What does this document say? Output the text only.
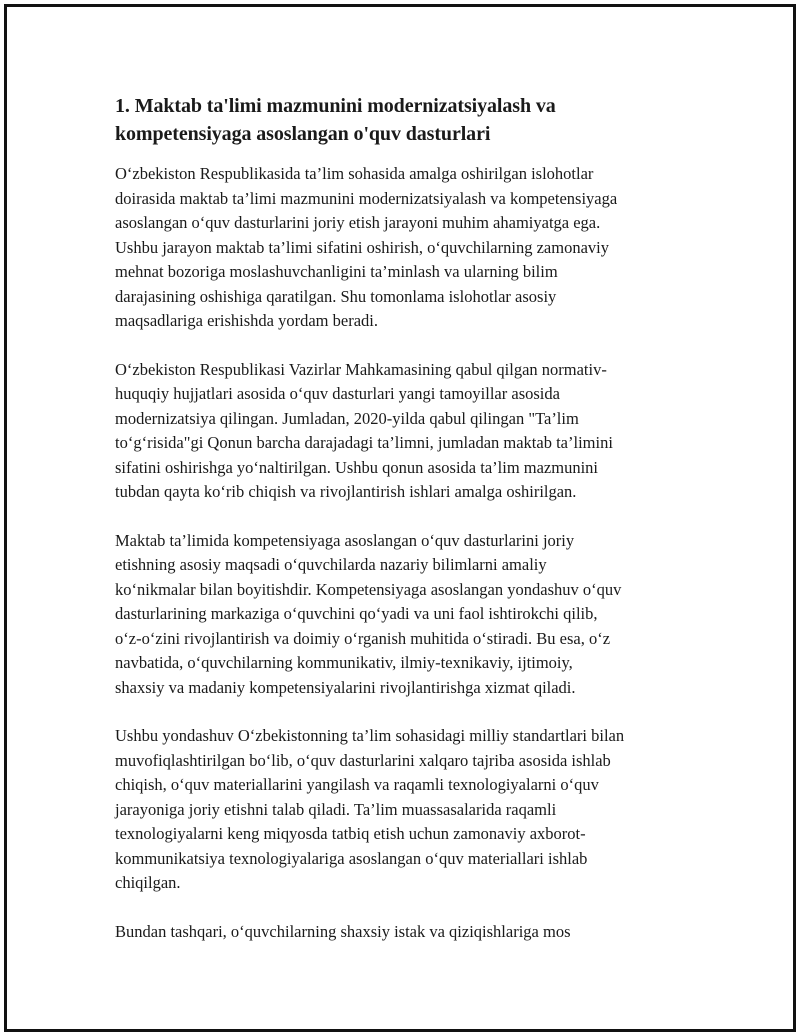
1. Maktab ta'limi mazmunini modernizatsiyalash va
kompetensiyaga asoslangan o'quv dasturlari

O‘zbekiston Respublikasida ta’lim sohasida amalga oshirilgan islohotlar
doirasida maktab ta’limi mazmunini modernizatsiyalash va kompetensiyaga
asoslangan o‘quv dasturlarini joriy etish jarayoni muhim ahamiyatga ega.
Ushbu jarayon maktab ta’limi sifatini oshirish, o‘quvchilarning zamonaviy
mehnat bozoriga moslashuvchanligini ta’minlash va ularning bilim
darajasining oshishiga qaratilgan. Shu tomonlama islohotlar asosiy
maqsadlariga erishishda yordam beradi.

O‘zbekiston Respublikasi Vazirlar Mahkamasining qabul qilgan normativ-
huquqiy hujjatlari asosida o‘quv dasturlari yangi tamoyillar asosida
modernizatsiya qilingan. Jumladan, 2020-yilda qabul qilingan "Ta’lim
to‘g‘risida"gi Qonun barcha darajadagi ta’limni, jumladan maktab ta’limini
sifatini oshirishga yo‘naltirilgan. Ushbu qonun asosida ta’lim mazmunini
tubdan qayta ko‘rib chiqish va rivojlantirish ishlari amalga oshirilgan.

Maktab ta’limida kompetensiyaga asoslangan o‘quv dasturlarini joriy
etishning asosiy maqsadi o‘quvchilarda nazariy bilimlarni amaliy
ko‘nikmalar bilan boyitishdir. Kompetensiyaga asoslangan yondashuv o‘quv
dasturlarining markaziga o‘quvchini qo‘yadi va uni faol ishtirokchi qilib,
o‘z-o‘zini rivojlantirish va doimiy o‘rganish muhitida o‘stiradi. Bu esa, o‘z
navbatida, o‘quvchilarning kommunikativ, ilmiy-texnikaviy, ijtimoiy,
shaxsiy va madaniy kompetensiyalarini rivojlantirishga xizmat qiladi.

Ushbu yondashuv O‘zbekistonning ta’lim sohasidagi milliy standartlari bilan
muvofiqlashtirilgan bo‘lib, o‘quv dasturlarini xalqaro tajriba asosida ishlab
chiqish, o‘quv materiallarini yangilash va raqamli texnologiyalarni o‘quv
jarayoniga joriy etishni talab qiladi. Ta’lim muassasalarida raqamli
texnologiyalarni keng miqyosda tatbiq etish uchun zamonaviy axborot-
kommunikatsiya texnologiyalariga asoslangan o‘quv materiallari ishlab
chiqilgan.

Bundan tashqari, o‘quvchilarning shaxsiy istak va qiziqishlariga mos
